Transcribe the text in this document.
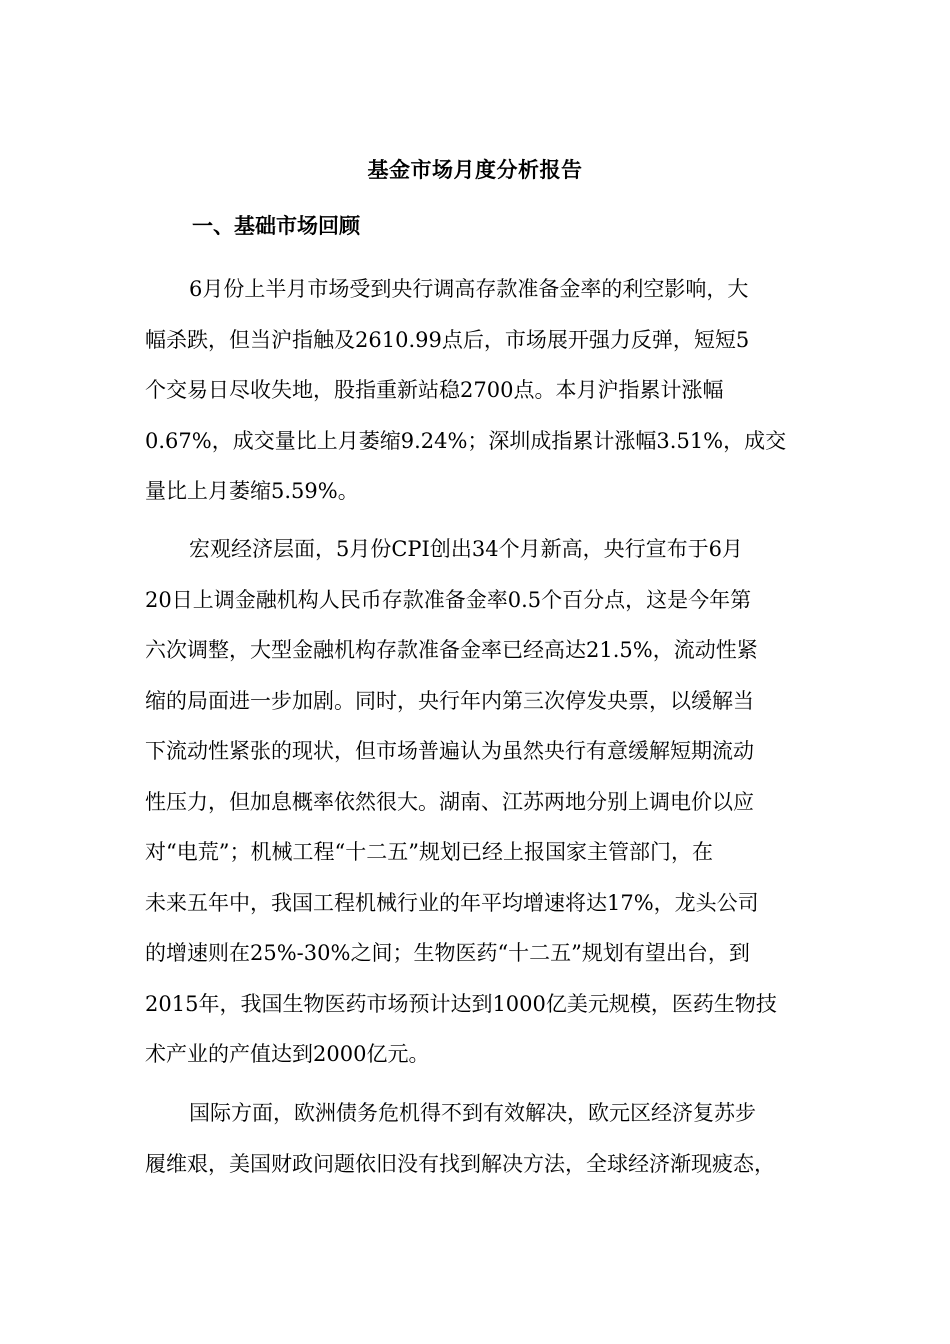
基金市场月度分析报告
一、基础市场回顾
6月份上半月市场受到央行调高存款准备金率的利空影响，大
幅杀跌，但当沪指触及2610.99点后，市场展开强力反弹，短短5
个交易日尽收失地，股指重新站稳2700点。本月沪指累计涨幅
0.67%，成交量比上月萎缩9.24%；深圳成指累计涨幅3.51%，成交
量比上月萎缩5.59%。
宏观经济层面，5月份CPI创出34个月新高，央行宣布于6月
20日上调金融机构人民币存款准备金率0.5个百分点，这是今年第
六次调整，大型金融机构存款准备金率已经高达21.5%，流动性紧
缩的局面进一步加剧。同时，央行年内第三次停发央票，以缓解当
下流动性紧张的现状，但市场普遍认为虽然央行有意缓解短期流动
性压力，但加息概率依然很大。湖南、江苏两地分别上调电价以应
对“电荒”；机械工程“十二五”规划已经上报国家主管部门，在
未来五年中，我国工程机械行业的年平均增速将达17%，龙头公司
的增速则在25%-30%之间；生物医药“十二五”规划有望出台，到
2015年，我国生物医药市场预计达到1000亿美元规模，医药生物技
术产业的产值达到2000亿元。
国际方面，欧洲债务危机得不到有效解决，欧元区经济复苏步
履维艰，美国财政问题依旧没有找到解决方法，全球经济渐现疲态，
